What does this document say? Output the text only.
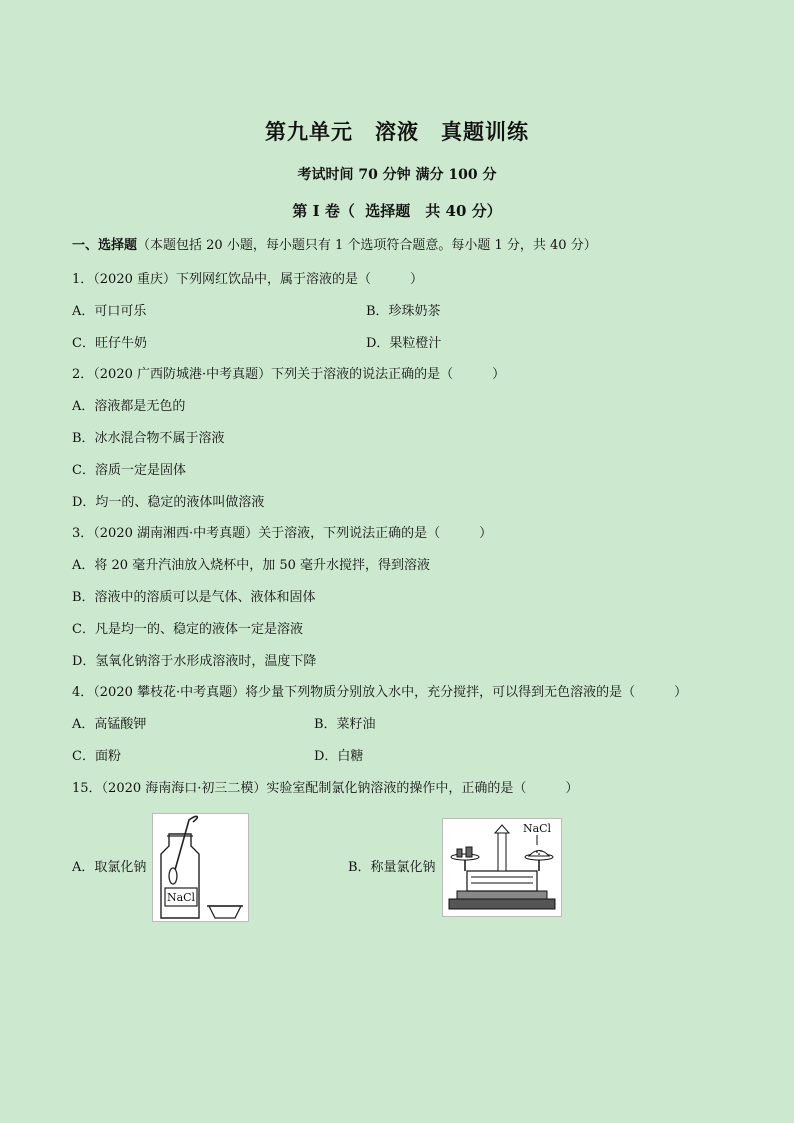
第九单元　溶液　真题训练
考试时间 70 分钟 满分 100 分
第 I 卷（  选择题　共 40 分）
一、选择题（本题包括 20 小题，每小题只有 1 个选项符合题意。每小题 1 分，共 40 分）
1．（2020 重庆）下列网红饮品中，属于溶液的是（　　　）
A．可口可乐	B．珍珠奶茶
C．旺仔牛奶	D．果粒橙汁
2．（2020 广西防城港·中考真题）下列关于溶液的说法正确的是（　　　）
A．溶液都是无色的
B．冰水混合物不属于溶液
C．溶质一定是固体
D．均一的、稳定的液体叫做溶液
3．（2020 湖南湘西·中考真题）关于溶液，下列说法正确的是（　　　）
A．将 20 毫升汽油放入烧杯中，加 50 毫升水搅拌，得到溶液
B．溶液中的溶质可以是气体、液体和固体
C．凡是均一的、稳定的液体一定是溶液
D．氢氧化钠溶于水形成溶液时，温度下降
4．（2020 攀枝花·中考真题）将少量下列物质分别放入水中，充分搅拌，可以得到无色溶液的是（　　　）
A．高锰酸钾	B．菜籽油
C．面粉	D．白糖
15．（2020 海南海口·初三二模）实验室配制氯化钠溶液的操作中，正确的是（　　　）
A．取氯化钠	B．称量氯化钠
NaCl
NaCl
